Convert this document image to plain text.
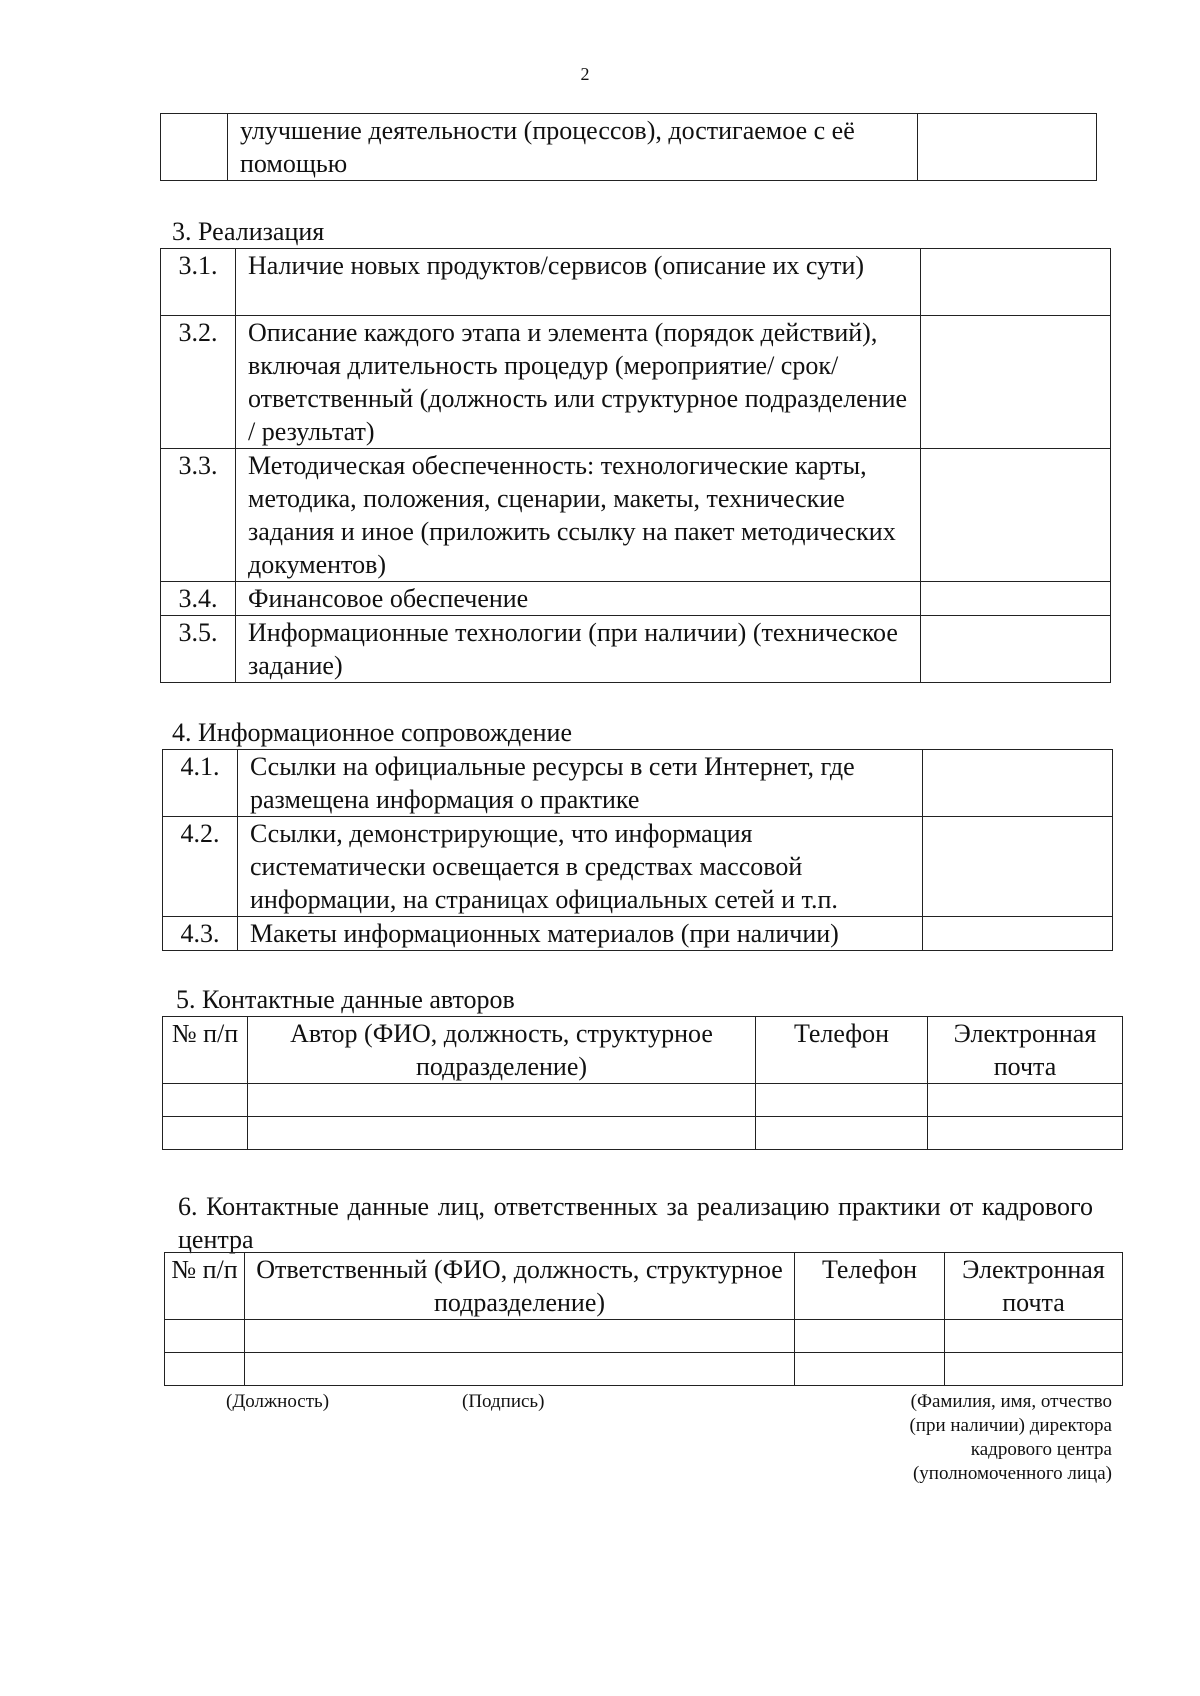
2
	улучшение деятельности (процессов), достигаемое с её помощью	
3. Реализация
3.1.	Наличие новых продуктов/сервисов (описание их сути)	
3.2.	Описание каждого этапа и элемента (порядок действий), включая длительность процедур (мероприятие/ срок/ ответственный (должность или структурное подразделение / результат)	
3.3.	Методическая обеспеченность: технологические карты, методика, положения, сценарии, макеты, технические задания и иное (приложить ссылку на пакет методических документов)	
3.4.	Финансовое обеспечение	
3.5.	Информационные технологии (при наличии) (техническое задание)	
4. Информационное сопровождение
4.1.	Ссылки на официальные ресурсы в сети Интернет, где размещена информация о практике	
4.2.	Ссылки, демонстрирующие, что информация систематически освещается в средствах массовой информации, на страницах официальных сетей и т.п.	
4.3.	Макеты информационных материалов (при наличии)	
5. Контактные данные авторов
№ п/п	Автор (ФИО, должность, структурное подразделение)	Телефон	Электронная почта

6. Контактные данные лиц, ответственных за реализацию практики от кадрового центра
№ п/п	Ответственный (ФИО, должность, структурное подразделение)	Телефон	Электронная почта

(Должность)	(Подпись)	(Фамилия, имя, отчество
(при наличии) директора
кадрового центра
(уполномоченного лица)
